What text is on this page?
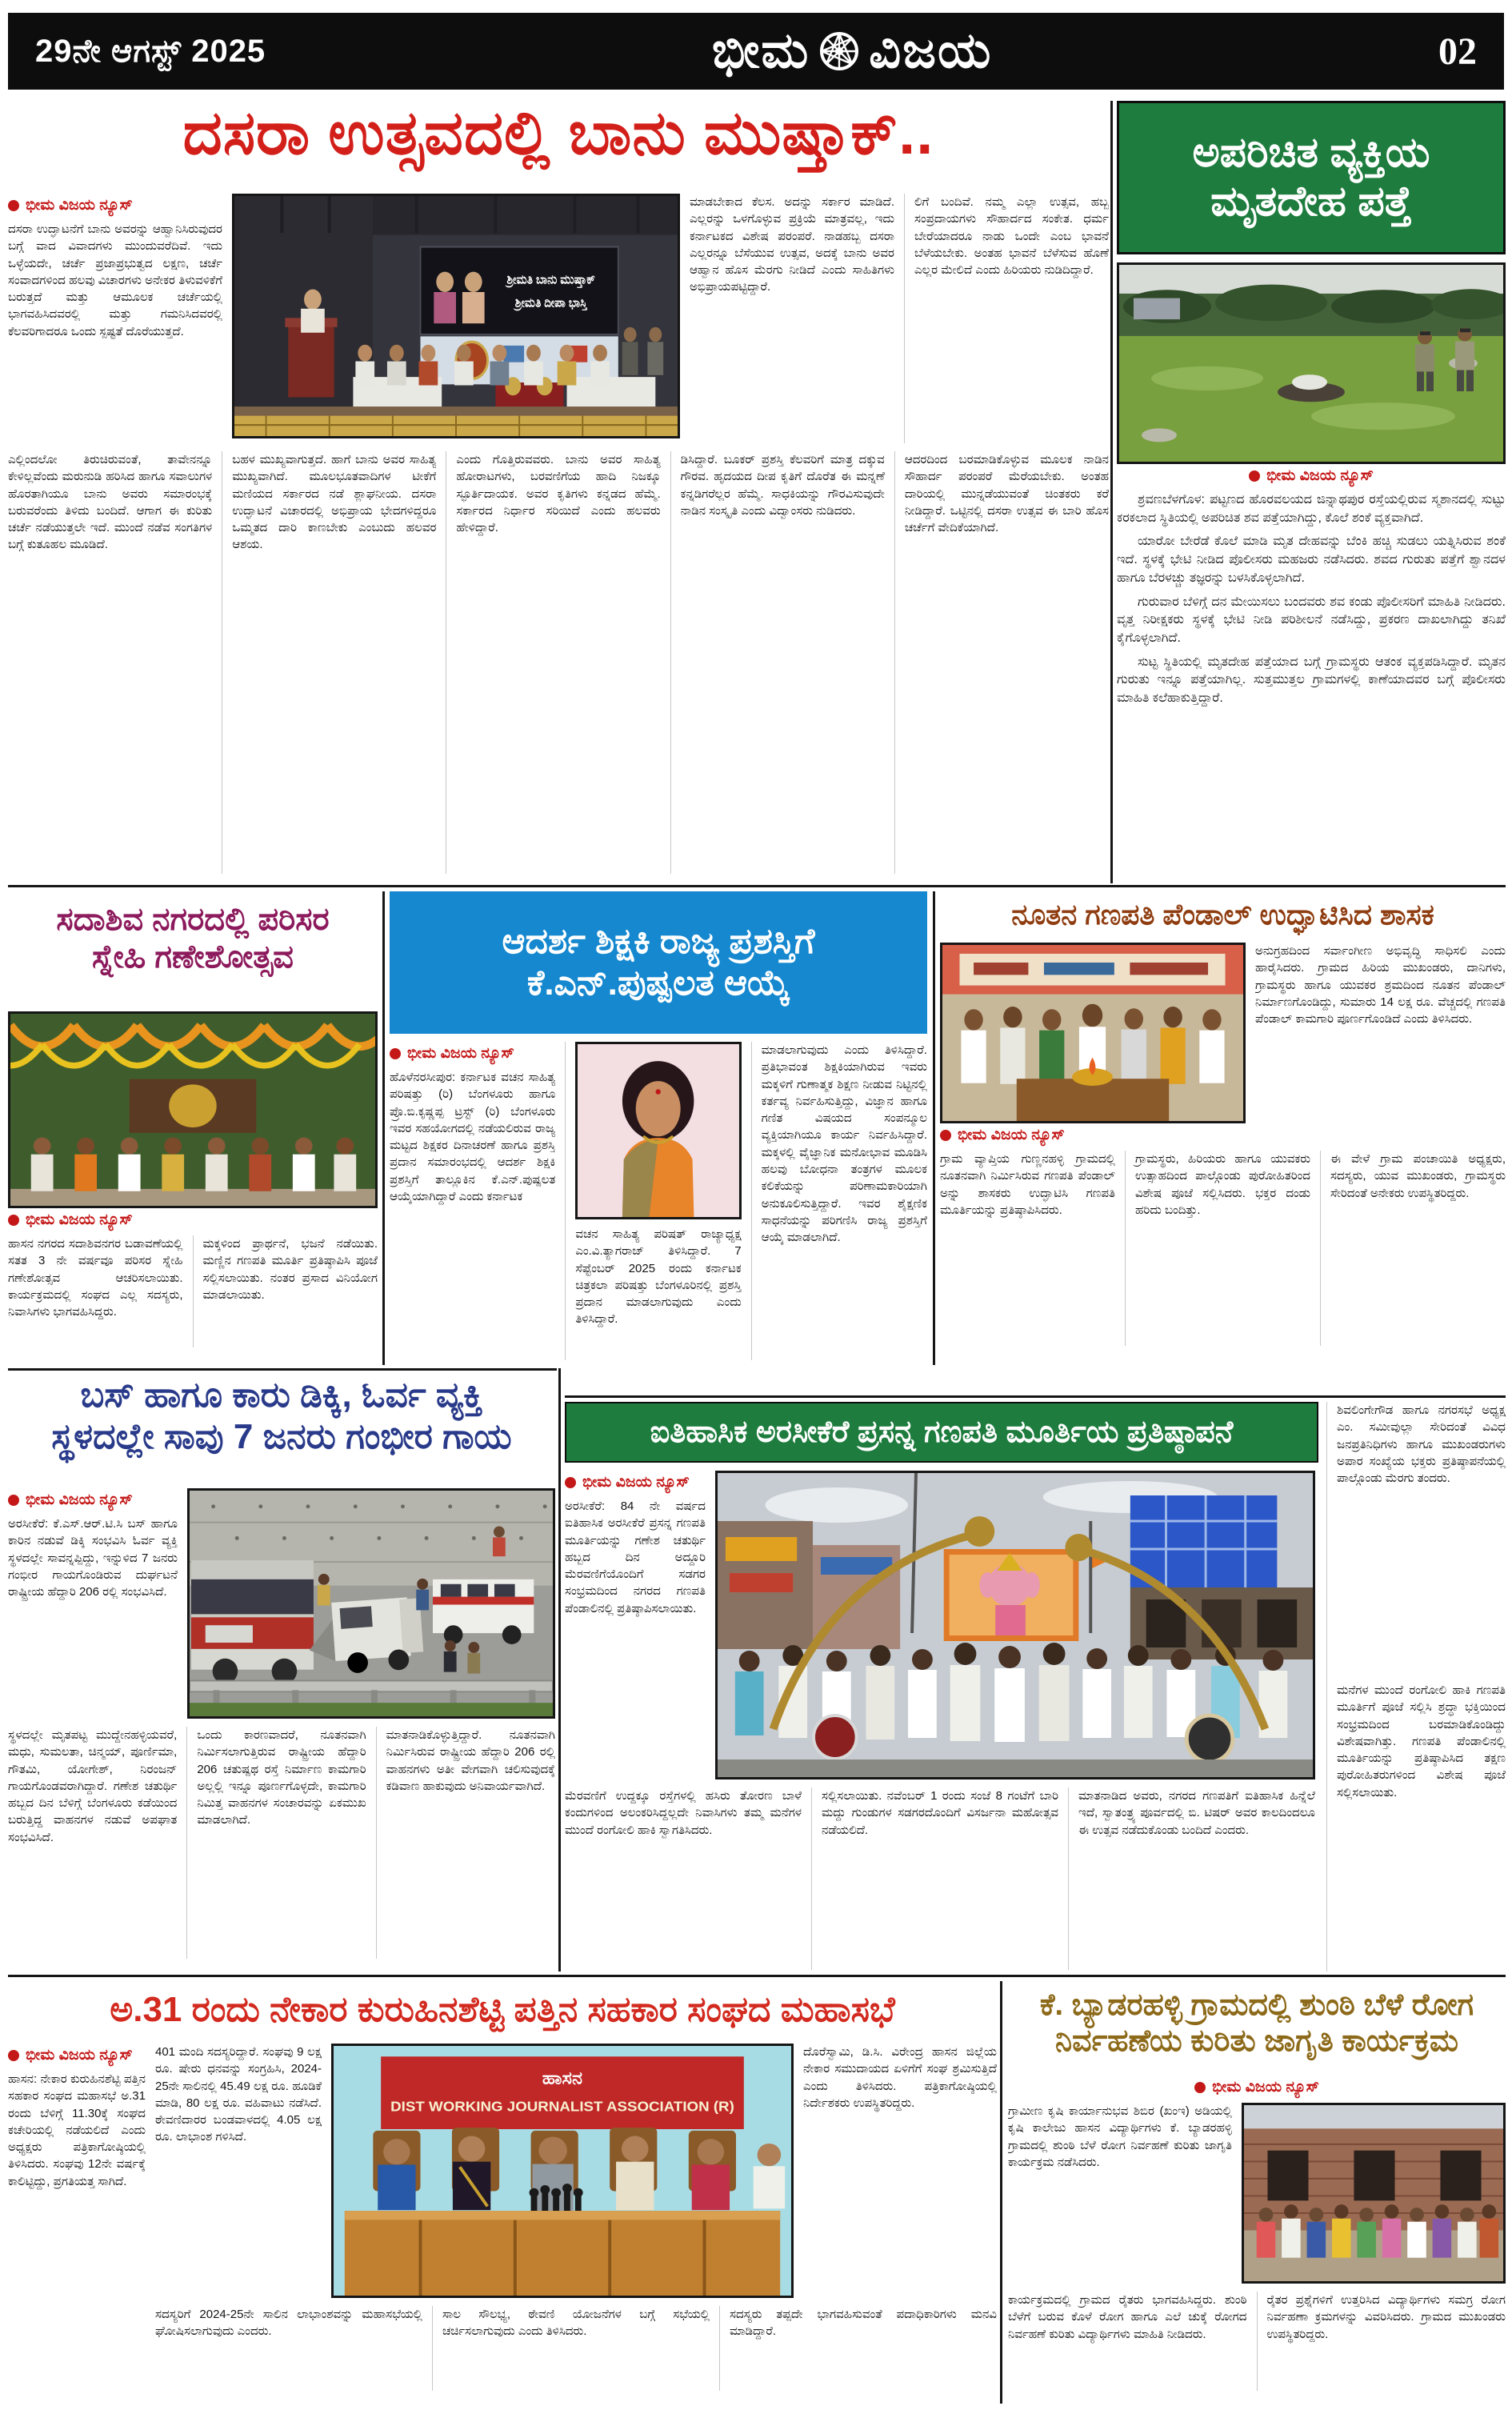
29ನೇ ಆಗಸ್ಟ್ 2025	ಭೀಮ ವಿಜಯ	02
ದಸರಾ ಉತ್ಸವದಲ್ಲಿ ಬಾನು ಮುಷ್ತಾಕ್..
ಭೀಮ ವಿಜಯ ನ್ಯೂಸ್
ದಸರಾ ಉದ್ಘಾಟನೆಗೆ ಬಾನು ಅವರನ್ನು ಆಹ್ವಾನಿಸಿರುವುದರ ಬಗ್ಗೆ ವಾದ ವಿವಾದಗಳು ಮುಂದುವರೆದಿವೆ. ಇದು ಒಳ್ಳೆಯದೇ, ಚರ್ಚೆ ಪ್ರಜಾಪ್ರಭುತ್ವದ ಲಕ್ಷಣ, ಚರ್ಚೆ ಸಂವಾದಗಳಿಂದ ಹಲವು ವಿಚಾರಗಳು ಅನೇಕರ ತಿಳುವಳಿಕೆಗೆ ಬರುತ್ತದೆ ಮತ್ತು ಆಮೂಲಕ ಚರ್ಚೆಯಲ್ಲಿ ಭಾಗವಹಿಸಿದವರಲ್ಲಿ ಮತ್ತು ಗಮನಿಸಿದವರಲ್ಲಿ ಕೆಲವರಿಗಾದರೂ ಒಂದು ಸ್ಪಷ್ಟತೆ ದೊರೆಯುತ್ತದೆ.
ಶ್ರೀಮತಿ ಬಾನು ಮುಷ್ತಾಕ್
ಶ್ರೀಮತಿ ದೀಪಾ ಭಾಸ್ತಿ
ಮಾಡಬೇಕಾದ ಕೆಲಸ. ಅದನ್ನು ಸರ್ಕಾರ ಮಾಡಿದೆ. ಎಲ್ಲರನ್ನು ಒಳಗೊಳ್ಳುವ ಪ್ರಕ್ರಿಯೆ ಮಾತ್ರವಲ್ಲ, ಇದು ಕರ್ನಾಟಕದ ವಿಶೇಷ ಪರಂಪರೆ. ನಾಡಹಬ್ಬ ದಸರಾ ಎಲ್ಲರನ್ನೂ ಬೆಸೆಯುವ ಉತ್ಸವ, ಅದಕ್ಕೆ ಬಾನು ಅವರ ಆಹ್ವಾನ ಹೊಸ ಮೆರಗು ನೀಡಿದೆ ಎಂದು ಸಾಹಿತಿಗಳು ಅಭಿಪ್ರಾಯಪಟ್ಟಿದ್ದಾರೆ.
ಲಿಗೆ ಬಂದಿವೆ. ನಮ್ಮ ಎಲ್ಲಾ ಉತ್ಸವ, ಹಬ್ಬ ಸಂಪ್ರದಾಯಗಳು ಸೌಹಾರ್ದದ ಸಂಕೇತ. ಧರ್ಮ ಬೇರೆಯಾದರೂ ನಾಡು ಒಂದೇ ಎಂಬ ಭಾವನೆ ಬೆಳೆಯಬೇಕು. ಅಂತಹ ಭಾವನೆ ಬೆಳೆಸುವ ಹೊಣೆ ಎಲ್ಲರ ಮೇಲಿದೆ ಎಂದು ಹಿರಿಯರು ನುಡಿದಿದ್ದಾರೆ.
ಎಲ್ಲಿಂದಲೋ ತಿರುಚಿರುವಂತೆ, ತಾವೇನನ್ನೂ ಕೇಳಿಲ್ಲವೆಂದು ಮರುನುಡಿ ಹರಿಸಿದ ಹಾಗೂ ಸವಾಲುಗಳ ಹೊರತಾಗಿಯೂ ಬಾನು ಅವರು ಸಮಾರಂಭಕ್ಕೆ ಬರುವರೆಂದು ತಿಳಿದು ಬಂದಿದೆ. ಆಗಾಗ ಈ ಕುರಿತು ಚರ್ಚೆ ನಡೆಯುತ್ತಲೇ ಇದೆ. ಮುಂದೆ ನಡೆವ ಸಂಗತಿಗಳ ಬಗ್ಗೆ ಕುತೂಹಲ ಮೂಡಿದೆ.
ಬಹಳ ಮುಖ್ಯವಾಗುತ್ತದೆ. ಹಾಗೆ ಬಾನು ಅವರ ಸಾಹಿತ್ಯ ಮುಖ್ಯವಾಗಿದೆ. ಮೂಲಭೂತವಾದಿಗಳ ಟೀಕೆಗೆ ಮಣಿಯದ ಸರ್ಕಾರದ ನಡೆ ಶ್ಲಾಘನೀಯ. ದಸರಾ ಉದ್ಘಾಟನೆ ವಿಚಾರದಲ್ಲಿ ಅಭಿಪ್ರಾಯ ಭೇದಗಳಿದ್ದರೂ ಒಮ್ಮತದ ದಾರಿ ಕಾಣಬೇಕು ಎಂಬುದು ಹಲವರ ಆಶಯ.
ಎಂದು ಗೊತ್ತಿರುವವರು. ಬಾನು ಅವರ ಸಾಹಿತ್ಯ ಹೋರಾಟಗಳು, ಬರವಣಿಗೆಯ ಹಾದಿ ನಿಜಕ್ಕೂ ಸ್ಫೂರ್ತಿದಾಯಕ. ಅವರ ಕೃತಿಗಳು ಕನ್ನಡದ ಹೆಮ್ಮೆ. ಸರ್ಕಾರದ ನಿರ್ಧಾರ ಸರಿಯಿದೆ ಎಂದು ಹಲವರು ಹೇಳಿದ್ದಾರೆ.
ಡಿಸಿದ್ದಾರೆ. ಬೂಕರ್ ಪ್ರಶಸ್ತಿ ಕೆಲವರಿಗೆ ಮಾತ್ರ ದಕ್ಕುವ ಗೌರವ. ಹೃದಯದ ದೀಪ ಕೃತಿಗೆ ದೊರೆತ ಈ ಮನ್ನಣೆ ಕನ್ನಡಿಗರೆಲ್ಲರ ಹೆಮ್ಮೆ. ಸಾಧಕಿಯನ್ನು ಗೌರವಿಸುವುದೇ ನಾಡಿನ ಸಂಸ್ಕೃತಿ ಎಂದು ವಿದ್ವಾಂಸರು ನುಡಿದರು.
ಆದರದಿಂದ ಬರಮಾಡಿಕೊಳ್ಳುವ ಮೂಲಕ ನಾಡಿನ ಸೌಹಾರ್ದ ಪರಂಪರೆ ಮೆರೆಯಬೇಕು. ಅಂತಹ ದಾರಿಯಲ್ಲಿ ಮುನ್ನಡೆಯುವಂತೆ ಚಿಂತಕರು ಕರೆ ನೀಡಿದ್ದಾರೆ. ಒಟ್ಟಿನಲ್ಲಿ ದಸರಾ ಉತ್ಸವ ಈ ಬಾರಿ ಹೊಸ ಚರ್ಚೆಗೆ ವೇದಿಕೆಯಾಗಿದೆ.
ಅಪರಿಚಿತ ವ್ಯಕ್ತಿಯ
ಮೃತದೇಹ ಪತ್ತೆ
ಭೀಮ ವಿಜಯ ನ್ಯೂಸ್

ಶ್ರವಣಬೆಳಗೊಳ: ಪಟ್ಟಣದ ಹೊರವಲಯದ ಜಿನ್ನಾಥಪುರ ರಸ್ತೆಯಲ್ಲಿರುವ ಸ್ಮಶಾನದಲ್ಲಿ ಸುಟ್ಟು ಕರಕಲಾದ ಸ್ಥಿತಿಯಲ್ಲಿ ಅಪರಿಚಿತ ಶವ ಪತ್ತೆಯಾಗಿದ್ದು, ಕೊಲೆ ಶಂಕೆ ವ್ಯಕ್ತವಾಗಿದೆ.

ಯಾರೋ ಬೇರೆಡೆ ಕೊಲೆ ಮಾಡಿ ಮೃತ ದೇಹವನ್ನು ಬೆಂಕಿ ಹಚ್ಚಿ ಸುಡಲು ಯತ್ನಿಸಿರುವ ಶಂಕೆ ಇದೆ. ಸ್ಥಳಕ್ಕೆ ಭೇಟಿ ನೀಡಿದ ಪೊಲೀಸರು ಮಹಜರು ನಡೆಸಿದರು. ಶವದ ಗುರುತು ಪತ್ತೆಗೆ ಶ್ವಾನದಳ ಹಾಗೂ ಬೆರಳಚ್ಚು ತಜ್ಞರನ್ನು ಬಳಸಿಕೊಳ್ಳಲಾಗಿದೆ.

ಗುರುವಾರ ಬೆಳಿಗ್ಗೆ ದನ ಮೇಯಿಸಲು ಬಂದವರು ಶವ ಕಂಡು ಪೊಲೀಸರಿಗೆ ಮಾಹಿತಿ ನೀಡಿದರು. ವೃತ್ತ ನಿರೀಕ್ಷಕರು ಸ್ಥಳಕ್ಕೆ ಭೇಟಿ ನೀಡಿ ಪರಿಶೀಲನೆ ನಡೆಸಿದ್ದು, ಪ್ರಕರಣ ದಾಖಲಾಗಿದ್ದು ತನಿಖೆ ಕೈಗೊಳ್ಳಲಾಗಿದೆ.

ಸುಟ್ಟ ಸ್ಥಿತಿಯಲ್ಲಿ ಮೃತದೇಹ ಪತ್ತೆಯಾದ ಬಗ್ಗೆ ಗ್ರಾಮಸ್ಥರು ಆತಂಕ ವ್ಯಕ್ತಪಡಿಸಿದ್ದಾರೆ. ಮೃತನ ಗುರುತು ಇನ್ನೂ ಪತ್ತೆಯಾಗಿಲ್ಲ. ಸುತ್ತಮುತ್ತಲ ಗ್ರಾಮಗಳಲ್ಲಿ ಕಾಣೆಯಾದವರ ಬಗ್ಗೆ ಪೊಲೀಸರು ಮಾಹಿತಿ ಕಲೆಹಾಕುತ್ತಿದ್ದಾರೆ.

ಸದಾಶಿವ ನಗರದಲ್ಲಿ ಪರಿಸರ
ಸ್ನೇಹಿ ಗಣೇಶೋತ್ಸವ
ಭೀಮ ವಿಜಯ ನ್ಯೂಸ್
ಹಾಸನ ನಗರದ ಸದಾಶಿವನಗರ ಬಡಾವಣೆಯಲ್ಲಿ ಸತತ 3 ನೇ ವರ್ಷವೂ ಪರಿಸರ ಸ್ನೇಹಿ ಗಣೇಶೋತ್ಸವ ಆಚರಿಸಲಾಯಿತು. ಕಾರ್ಯಕ್ರಮದಲ್ಲಿ ಸಂಘದ ಎಲ್ಲ ಸದಸ್ಯರು, ನಿವಾಸಿಗಳು ಭಾಗವಹಿಸಿದ್ದರು.
ಮಕ್ಕಳಿಂದ ಪ್ರಾರ್ಥನೆ, ಭಜನೆ ನಡೆಯಿತು. ಮಣ್ಣಿನ ಗಣಪತಿ ಮೂರ್ತಿ ಪ್ರತಿಷ್ಠಾಪಿಸಿ ಪೂಜೆ ಸಲ್ಲಿಸಲಾಯಿತು. ನಂತರ ಪ್ರಸಾದ ವಿನಿಯೋಗ ಮಾಡಲಾಯಿತು.
ಆದರ್ಶ ಶಿಕ್ಷಕಿ ರಾಜ್ಯ ಪ್ರಶಸ್ತಿಗೆ
ಕೆ.ಎನ್.ಪುಷ್ಪಲತ ಆಯ್ಕೆ
ಭೀಮ ವಿಜಯ ನ್ಯೂಸ್
ಹೊಳೆನರಸೀಪುರ: ಕರ್ನಾಟಕ ವಚನ ಸಾಹಿತ್ಯ ಪರಿಷತ್ತು (ರಿ) ಬೆಂಗಳೂರು ಹಾಗೂ ಪ್ರೊ.ಬಿ.ಕೃಷ್ಣಪ್ಪ ಟ್ರಸ್ಟ್ (ರಿ) ಬೆಂಗಳೂರು ಇವರ ಸಹಯೋಗದಲ್ಲಿ ನಡೆಯಲಿರುವ ರಾಜ್ಯ ಮಟ್ಟದ ಶಿಕ್ಷಕರ ದಿನಾಚರಣೆ ಹಾಗೂ ಪ್ರಶಸ್ತಿ ಪ್ರದಾನ ಸಮಾರಂಭದಲ್ಲಿ ಆದರ್ಶ ಶಿಕ್ಷಕಿ ಪ್ರಶಸ್ತಿಗೆ ತಾಲ್ಲೂಕಿನ ಕೆ.ಎನ್.ಪುಷ್ಪಲತ ಆಯ್ಕೆಯಾಗಿದ್ದಾರೆ ಎಂದು ಕರ್ನಾಟಕ
ವಚನ ಸಾಹಿತ್ಯ ಪರಿಷತ್ ರಾಜ್ಯಾಧ್ಯಕ್ಷ ಎಂ.ವಿ.ತ್ಯಾಗರಾಜ್ ತಿಳಿಸಿದ್ದಾರೆ. 7 ಸೆಪ್ಟೆಂಬರ್ 2025 ರಂದು ಕರ್ನಾಟಕ ಚಿತ್ರಕಲಾ ಪರಿಷತ್ತು ಬೆಂಗಳೂರಿನಲ್ಲಿ ಪ್ರಶಸ್ತಿ ಪ್ರದಾನ ಮಾಡಲಾಗುವುದು ಎಂದು ತಿಳಿಸಿದ್ದಾರೆ.
ಮಾಡಲಾಗುವುದು ಎಂದು ತಿಳಿಸಿದ್ದಾರೆ. ಪ್ರತಿಭಾವಂತ ಶಿಕ್ಷಕಿಯಾಗಿರುವ ಇವರು ಮಕ್ಕಳಿಗೆ ಗುಣಾತ್ಮಕ ಶಿಕ್ಷಣ ನೀಡುವ ನಿಟ್ಟಿನಲ್ಲಿ ಕರ್ತವ್ಯ ನಿರ್ವಹಿಸುತ್ತಿದ್ದು, ವಿಜ್ಞಾನ ಹಾಗೂ ಗಣಿತ ವಿಷಯದ ಸಂಪನ್ಮೂಲ ವ್ಯಕ್ತಿಯಾಗಿಯೂ ಕಾರ್ಯ ನಿರ್ವಹಿಸಿದ್ದಾರೆ. ಮಕ್ಕಳಲ್ಲಿ ವೈಜ್ಞಾನಿಕ ಮನೋಭಾವ ಮೂಡಿಸಿ ಹಲವು ಬೋಧನಾ ತಂತ್ರಗಳ ಮೂಲಕ ಕಲಿಕೆಯನ್ನು ಪರಿಣಾಮಕಾರಿಯಾಗಿ ಅನುಕೂಲಿಸುತ್ತಿದ್ದಾರೆ. ಇವರ ಶೈಕ್ಷಣಿಕ ಸಾಧನೆಯನ್ನು ಪರಿಗಣಿಸಿ ರಾಜ್ಯ ಪ್ರಶಸ್ತಿಗೆ ಆಯ್ಕೆ ಮಾಡಲಾಗಿದೆ.
ನೂತನ ಗಣಪತಿ ಪೆಂಡಾಲ್ ಉದ್ಘಾಟಿಸಿದ ಶಾಸಕ
ಅನುಗ್ರಹದಿಂದ ಸರ್ವಾಂಗೀಣ ಅಭಿವೃದ್ಧಿ ಸಾಧಿಸಲಿ ಎಂದು ಹಾರೈಸಿದರು. ಗ್ರಾಮದ ಹಿರಿಯ ಮುಖಂಡರು, ದಾನಿಗಳು, ಗ್ರಾಮಸ್ಥರು ಹಾಗೂ ಯುವಕರ ಶ್ರಮದಿಂದ ನೂತನ ಪೆಂಡಾಲ್ ನಿರ್ಮಾಣಗೊಂಡಿದ್ದು, ಸುಮಾರು 14 ಲಕ್ಷ ರೂ. ವೆಚ್ಚದಲ್ಲಿ ಗಣಪತಿ ಪೆಂಡಾಲ್ ಕಾಮಗಾರಿ ಪೂರ್ಣಗೊಂಡಿದೆ ಎಂದು ತಿಳಿಸಿದರು.
ಭೀಮ ವಿಜಯ ನ್ಯೂಸ್
ಗ್ರಾಮ ವ್ಯಾಪ್ತಿಯ ಗುಣ್ಣನಹಳ್ಳಿ ಗ್ರಾಮದಲ್ಲಿ ನೂತನವಾಗಿ ನಿರ್ಮಿಸಿರುವ ಗಣಪತಿ ಪೆಂಡಾಲ್ ಅನ್ನು ಶಾಸಕರು ಉದ್ಘಾಟಿಸಿ ಗಣಪತಿ ಮೂರ್ತಿಯನ್ನು ಪ್ರತಿಷ್ಠಾಪಿಸಿದರು.
ಗ್ರಾಮಸ್ಥರು, ಹಿರಿಯರು ಹಾಗೂ ಯುವಕರು ಉತ್ಸಾಹದಿಂದ ಪಾಲ್ಗೊಂಡು ಪುರೋಹಿತರಿಂದ ವಿಶೇಷ ಪೂಜೆ ಸಲ್ಲಿಸಿದರು. ಭಕ್ತರ ದಂಡು ಹರಿದು ಬಂದಿತ್ತು.
ಈ ವೇಳೆ ಗ್ರಾಮ ಪಂಚಾಯಿತಿ ಅಧ್ಯಕ್ಷರು, ಸದಸ್ಯರು, ಯುವ ಮುಖಂಡರು, ಗ್ರಾಮಸ್ಥರು ಸೇರಿದಂತೆ ಅನೇಕರು ಉಪಸ್ಥಿತರಿದ್ದರು.
ಬಸ್ ಹಾಗೂ ಕಾರು ಡಿಕ್ಕಿ, ಓರ್ವ ವ್ಯಕ್ತಿ
ಸ್ಥಳದಲ್ಲೇ ಸಾವು 7 ಜನರು ಗಂಭೀರ ಗಾಯ
ಭೀಮ ವಿಜಯ ನ್ಯೂಸ್
ಅರಸೀಕೆರೆ: ಕೆ.ಎಸ್.ಆರ್.ಟಿ.ಸಿ ಬಸ್ ಹಾಗೂ ಕಾರಿನ ನಡುವೆ ಡಿಕ್ಕಿ ಸಂಭವಿಸಿ ಓರ್ವ ವ್ಯಕ್ತಿ ಸ್ಥಳದಲ್ಲೇ ಸಾವನ್ನಪ್ಪಿದ್ದು, ಇನ್ನುಳಿದ 7 ಜನರು ಗಂಭೀರ ಗಾಯಗೊಂಡಿರುವ ದುರ್ಘಟನೆ ರಾಷ್ಟ್ರೀಯ ಹೆದ್ದಾರಿ 206 ರಲ್ಲಿ ಸಂಭವಿಸಿದೆ.
ಸ್ಥಳದಲ್ಲೇ ಮೃತಪಟ್ಟ ಮುದ್ದೇನಹಳ್ಳಿಯವರೆ, ಮಧು, ಸುಮಲತಾ, ಚಿನ್ಮಯ್, ಪೂರ್ಣಿಮಾ, ಗೌತಮಿ, ಯೋಗೇಶ್, ನಿರಂಜನ್ ಗಾಯಗೊಂಡವರಾಗಿದ್ದಾರೆ. ಗಣೇಶ ಚತುರ್ಥಿ ಹಬ್ಬದ ದಿನ ಬೆಳಿಗ್ಗೆ ಬೆಂಗಳೂರು ಕಡೆಯಿಂದ ಬರುತ್ತಿದ್ದ ವಾಹನಗಳ ನಡುವೆ ಅಪಘಾತ ಸಂಭವಿಸಿದೆ.
ಒಂದು ಕಾರಣವಾದರೆ, ನೂತನವಾಗಿ ನಿರ್ಮಿಸಲಾಗುತ್ತಿರುವ ರಾಷ್ಟ್ರೀಯ ಹೆದ್ದಾರಿ 206 ಚತುಷ್ಪಥ ರಸ್ತೆ ನಿರ್ಮಾಣ ಕಾಮಗಾರಿ ಅಲ್ಲಲ್ಲಿ ಇನ್ನೂ ಪೂರ್ಣಗೊಳ್ಳದೇ, ಕಾಮಗಾರಿ ನಿಮಿತ್ತ ವಾಹನಗಳ ಸಂಚಾರವನ್ನು ಏಕಮುಖ ಮಾಡಲಾಗಿದೆ.
ಮಾತನಾಡಿಕೊಳ್ಳುತ್ತಿದ್ದಾರೆ. ನೂತನವಾಗಿ ನಿರ್ಮಿಸಿರುವ ರಾಷ್ಟ್ರೀಯ ಹೆದ್ದಾರಿ 206 ರಲ್ಲಿ ವಾಹನಗಳು ಅತೀ ವೇಗವಾಗಿ ಚಲಿಸುವುದಕ್ಕೆ ಕಡಿವಾಣ ಹಾಕುವುದು ಅನಿವಾರ್ಯವಾಗಿದೆ.
ಐತಿಹಾಸಿಕ ಅರಸೀಕೆರೆ ಪ್ರಸನ್ನ ಗಣಪತಿ ಮೂರ್ತಿಯ ಪ್ರತಿಷ್ಠಾಪನೆ
ಶಿವಲಿಂಗೇಗೌಡ ಹಾಗೂ ನಗರಸಭೆ ಅಧ್ಯಕ್ಷ ಎಂ. ಸಮೀವುಲ್ಲಾ ಸೇರಿದಂತೆ ವಿವಿಧ ಜನಪ್ರತಿನಿಧಿಗಳು ಹಾಗೂ ಮುಖಂಡರುಗಳು ಅಪಾರ ಸಂಖ್ಯೆಯ ಭಕ್ತರು ಪ್ರತಿಷ್ಠಾಪನೆಯಲ್ಲಿ ಪಾಲ್ಗೊಂಡು ಮೆರಗು ತಂದರು.
ಮನೆಗಳ ಮುಂದೆ ರಂಗೋಲಿ ಹಾಕಿ ಗಣಪತಿ ಮೂರ್ತಿಗೆ ಪೂಜೆ ಸಲ್ಲಿಸಿ ಶ್ರದ್ಧಾ ಭಕ್ತಿಯಿಂದ ಸಂಭ್ರಮದಿಂದ ಬರಮಾಡಿಕೊಂಡಿದ್ದು ವಿಶೇಷವಾಗಿತ್ತು. ಗಣಪತಿ ಪೆಂಡಾಲಿನಲ್ಲಿ ಮೂರ್ತಿಯನ್ನು ಪ್ರತಿಷ್ಠಾಪಿಸಿದ ತಕ್ಷಣ ಪುರೋಹಿತರುಗಳಿಂದ ವಿಶೇಷ ಪೂಜೆ ಸಲ್ಲಿಸಲಾಯಿತು.
ಭೀಮ ವಿಜಯ ನ್ಯೂಸ್
ಅರಸೀಕೆರೆ: 84 ನೇ ವರ್ಷದ ಐತಿಹಾಸಿಕ ಅರಸೀಕೆರೆ ಪ್ರಸನ್ನ ಗಣಪತಿ ಮೂರ್ತಿಯನ್ನು ಗಣೇಶ ಚತುರ್ಥಿ ಹಬ್ಬದ ದಿನ ಅದ್ದೂರಿ ಮೆರವಣಿಗೆಯೊಂದಿಗೆ ಸಡಗರ ಸಂಭ್ರಮದಿಂದ ನಗರದ ಗಣಪತಿ ಪೆಂಡಾಲಿನಲ್ಲಿ ಪ್ರತಿಷ್ಠಾಪಿಸಲಾಯಿತು.
ಮೆರವಣಿಗೆ ಉದ್ದಕ್ಕೂ ರಸ್ತೆಗಳಲ್ಲಿ ಹಸಿರು ತೋರಣ ಬಾಳೆ ಕಂದುಗಳಿಂದ ಅಲಂಕರಿಸಿದ್ದಲ್ಲದೇ ನಿವಾಸಿಗಳು ತಮ್ಮ ಮನೆಗಳ ಮುಂದೆ ರಂಗೋಲಿ ಹಾಕಿ ಸ್ವಾಗತಿಸಿದರು.
ಸಲ್ಲಿಸಲಾಯಿತು. ನವೆಂಬರ್ 1 ರಂದು ಸಂಜೆ 8 ಗಂಟೆಗೆ ಬಾರಿ ಮದ್ದು ಗುಂಡುಗಳ ಸಡಗರದೊಂದಿಗೆ ವಿಸರ್ಜನಾ ಮಹೋತ್ಸವ ನಡೆಯಲಿದೆ.
ಮಾತನಾಡಿದ ಅವರು, ನಗರದ ಗಣಪತಿಗೆ ಐತಿಹಾಸಿಕ ಹಿನ್ನೆಲೆ ಇದೆ, ಸ್ವಾತಂತ್ರ್ಯ ಪೂರ್ವದಲ್ಲಿ ಬಿ. ಟಿಷರ್ ಅವರ ಕಾಲದಿಂದಲೂ ಈ ಉತ್ಸವ ನಡೆದುಕೊಂಡು ಬಂದಿದೆ ಎಂದರು.
ಅ.31 ರಂದು ನೇಕಾರ ಕುರುಹಿನಶೆಟ್ಟಿ ಪತ್ತಿನ ಸಹಕಾರ ಸಂಘದ ಮಹಾಸಭೆ
ಭೀಮ ವಿಜಯ ನ್ಯೂಸ್
ಹಾಸನ: ನೇಕಾರ ಕುರುಹಿನಶೆಟ್ಟಿ ಪತ್ತಿನ ಸಹಕಾರ ಸಂಘದ ಮಹಾಸಭೆ ಅ.31 ರಂದು ಬೆಳಿಗ್ಗೆ 11.30ಕ್ಕೆ ಸಂಘದ ಕಚೇರಿಯಲ್ಲಿ ನಡೆಯಲಿದೆ ಎಂದು ಅಧ್ಯಕ್ಷರು ಪತ್ರಿಕಾಗೋಷ್ಠಿಯಲ್ಲಿ ತಿಳಿಸಿದರು. ಸಂಘವು 12ನೇ ವರ್ಷಕ್ಕೆ ಕಾಲಿಟ್ಟಿದ್ದು, ಪ್ರಗತಿಯತ್ತ ಸಾಗಿದೆ.
401 ಮಂದಿ ಸದಸ್ಯರಿದ್ದಾರೆ. ಸಂಘವು 9 ಲಕ್ಷ ರೂ. ಷೇರು ಧನವನ್ನು ಸಂಗ್ರಹಿಸಿ, 2024-25ನೇ ಸಾಲಿನಲ್ಲಿ 45.49 ಲಕ್ಷ ರೂ. ಹೂಡಿಕೆ ಮಾಡಿ, 80 ಲಕ್ಷ ರೂ. ವಹಿವಾಟು ನಡೆಸಿದೆ. ಠೇವಣಿದಾರರ ಬಂಡವಾಳದಲ್ಲಿ 4.05 ಲಕ್ಷ ರೂ. ಲಾಭಾಂಶ ಗಳಿಸಿದೆ.
ಹಾಸನ
DIST WORKING JOURNALIST ASSOCIATION (R)
ದೊರೆಸ್ವಾಮಿ, ಡಿ.ಸಿ. ವಿರೇಂದ್ರ ಹಾಸನ ಜಿಲ್ಲೆಯ ನೇಕಾರ ಸಮುದಾಯದ ಏಳಿಗೆಗೆ ಸಂಘ ಶ್ರಮಿಸುತ್ತಿದೆ ಎಂದು ತಿಳಿಸಿದರು. ಪತ್ರಿಕಾಗೋಷ್ಠಿಯಲ್ಲಿ ನಿರ್ದೇಶಕರು ಉಪಸ್ಥಿತರಿದ್ದರು.
ಸದಸ್ಯರಿಗೆ 2024-25ನೇ ಸಾಲಿನ ಲಾಭಾಂಶವನ್ನು ಮಹಾಸಭೆಯಲ್ಲಿ ಘೋಷಿಸಲಾಗುವುದು ಎಂದರು.
ಸಾಲ ಸೌಲಭ್ಯ, ಠೇವಣಿ ಯೋಜನೆಗಳ ಬಗ್ಗೆ ಸಭೆಯಲ್ಲಿ ಚರ್ಚಿಸಲಾಗುವುದು ಎಂದು ತಿಳಿಸಿದರು.
ಸದಸ್ಯರು ತಪ್ಪದೇ ಭಾಗವಹಿಸುವಂತೆ ಪದಾಧಿಕಾರಿಗಳು ಮನವಿ ಮಾಡಿದ್ದಾರೆ.
ಕೆ. ಬ್ಯಾಡರಹಳ್ಳಿ ಗ್ರಾಮದಲ್ಲಿ ಶುಂಠಿ ಬೆಳೆ ರೋಗ
ನಿರ್ವಹಣೆಯ ಕುರಿತು ಜಾಗೃತಿ ಕಾರ್ಯಕ್ರಮ
ಭೀಮ ವಿಜಯ ನ್ಯೂಸ್
ಗ್ರಾಮೀಣ ಕೃಷಿ ಕಾರ್ಯಾನುಭವ ಶಿಬಿರ (ಖಂಇ) ಅಡಿಯಲ್ಲಿ ಕೃಷಿ ಕಾಲೇಜು ಹಾಸನ ವಿದ್ಯಾರ್ಥಿಗಳು ಕೆ. ಬ್ಯಾಡರಹಳ್ಳಿ ಗ್ರಾಮದಲ್ಲಿ ಶುಂಠಿ ಬೆಳೆ ರೋಗ ನಿರ್ವಹಣೆ ಕುರಿತು ಜಾಗೃತಿ ಕಾರ್ಯಕ್ರಮ ನಡೆಸಿದರು.
ಕಾರ್ಯಕ್ರಮದಲ್ಲಿ ಗ್ರಾಮದ ರೈತರು ಭಾಗವಹಿಸಿದ್ದರು. ಶುಂಠಿ ಬೆಳೆಗೆ ಬರುವ ಕೊಳೆ ರೋಗ ಹಾಗೂ ಎಲೆ ಚುಕ್ಕೆ ರೋಗದ ನಿರ್ವಹಣೆ ಕುರಿತು ವಿದ್ಯಾರ್ಥಿಗಳು ಮಾಹಿತಿ ನೀಡಿದರು.
ರೈತರ ಪ್ರಶ್ನೆಗಳಿಗೆ ಉತ್ತರಿಸಿದ ವಿದ್ಯಾರ್ಥಿಗಳು ಸಮಗ್ರ ರೋಗ ನಿರ್ವಹಣಾ ಕ್ರಮಗಳನ್ನು ವಿವರಿಸಿದರು. ಗ್ರಾಮದ ಮುಖಂಡರು ಉಪಸ್ಥಿತರಿದ್ದರು.
